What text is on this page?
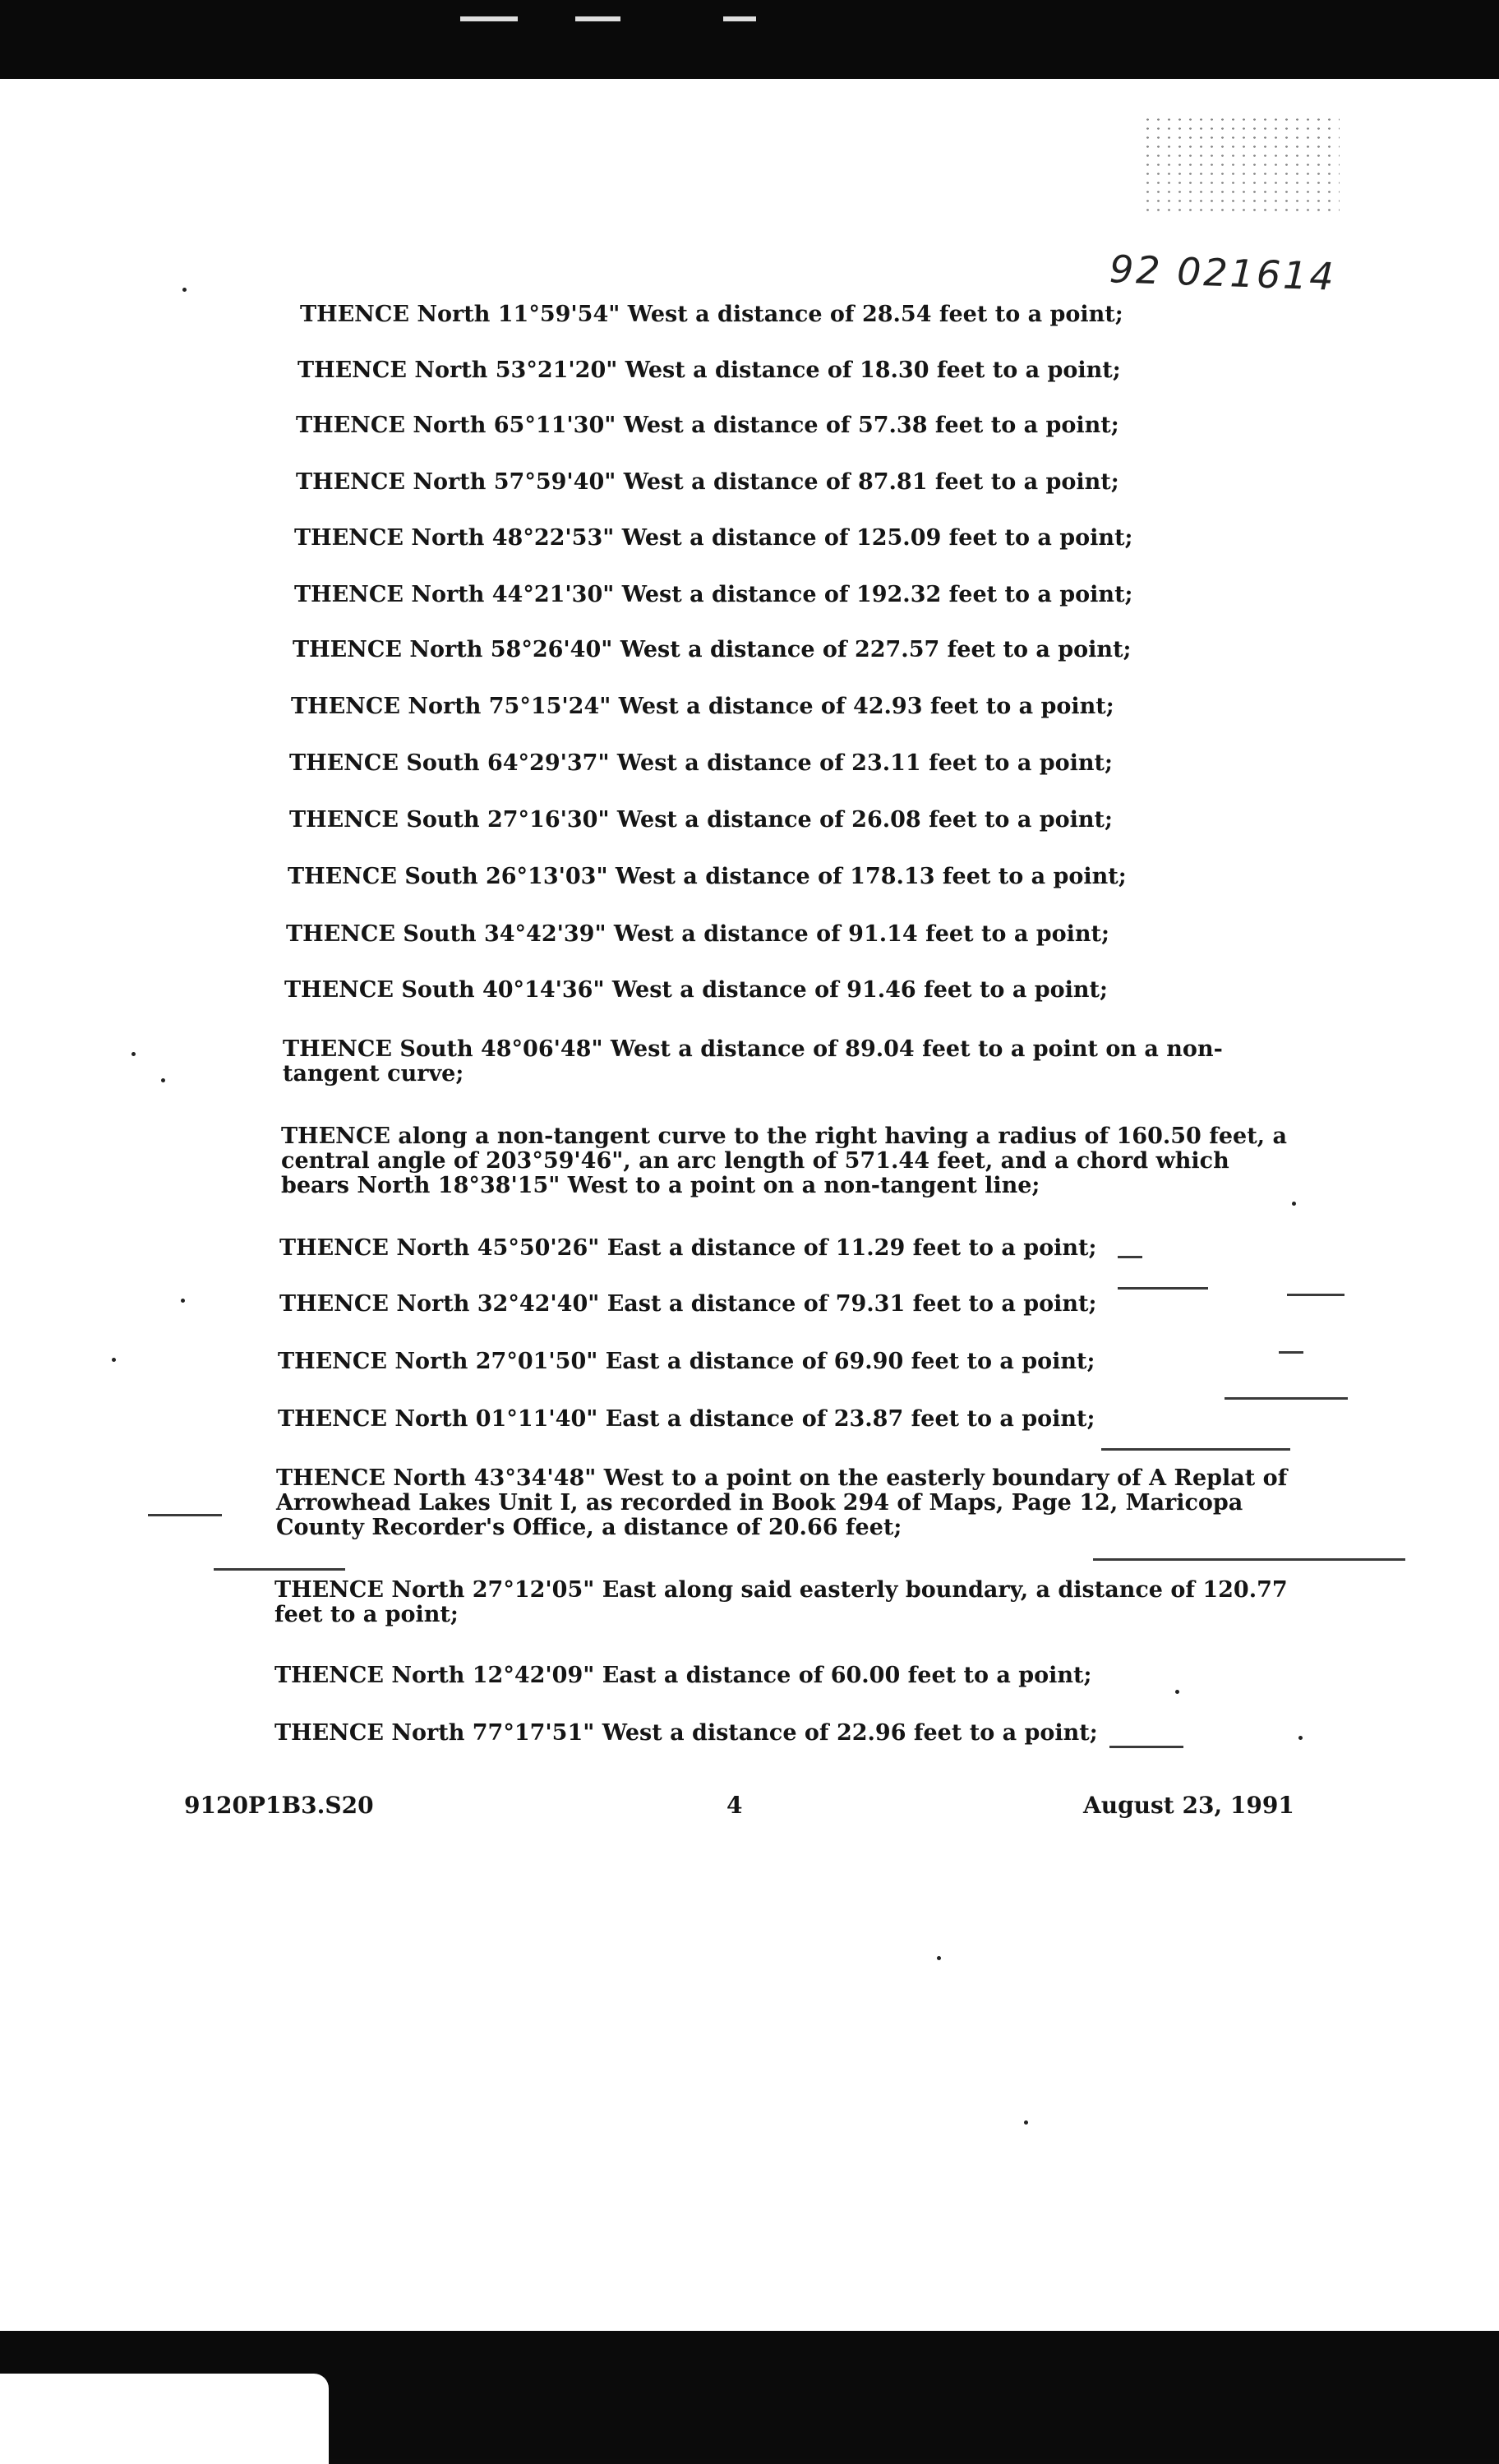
92 021614
THENCE North 11°59'54" West a distance of 28.54 feet to a point;
THENCE North 53°21'20" West a distance of 18.30 feet to a point;
THENCE North 65°11'30" West a distance of 57.38 feet to a point;
THENCE North 57°59'40" West a distance of 87.81 feet to a point;
THENCE North 48°22'53" West a distance of 125.09 feet to a point;
THENCE North 44°21'30" West a distance of 192.32 feet to a point;
THENCE North 58°26'40" West a distance of 227.57 feet to a point;
THENCE North 75°15'24" West a distance of 42.93 feet to a point;
THENCE South 64°29'37" West a distance of 23.11 feet to a point;
THENCE South 27°16'30" West a distance of 26.08 feet to a point;
THENCE South 26°13'03" West a distance of 178.13 feet to a point;
THENCE South 34°42'39" West a distance of 91.14 feet to a point;
THENCE South 40°14'36" West a distance of 91.46 feet to a point;
THENCE South 48°06'48" West a distance of 89.04 feet to a point on a non-tangent curve;
THENCE along a non-tangent curve to the right having a radius of 160.50 feet, a central angle of 203°59'46", an arc length of 571.44 feet, and a chord which bears North 18°38'15" West to a point on a non-tangent line;
THENCE North 45°50'26" East a distance of 11.29 feet to a point;
THENCE North 32°42'40" East a distance of 79.31 feet to a point;
THENCE North 27°01'50" East a distance of 69.90 feet to a point;
THENCE North 01°11'40" East a distance of 23.87 feet to a point;
THENCE North 43°34'48" West to a point on the easterly boundary of A Replat of Arrowhead Lakes Unit I, as recorded in Book 294 of Maps, Page 12, Maricopa County Recorder's Office, a distance of 20.66 feet;
THENCE North 27°12'05" East along said easterly boundary, a distance of 120.77 feet to a point;
THENCE North 12°42'09" East a distance of 60.00 feet to a point;
THENCE North 77°17'51" West a distance of 22.96 feet to a point;
9120P1B3.S20	4	August 23, 1991
